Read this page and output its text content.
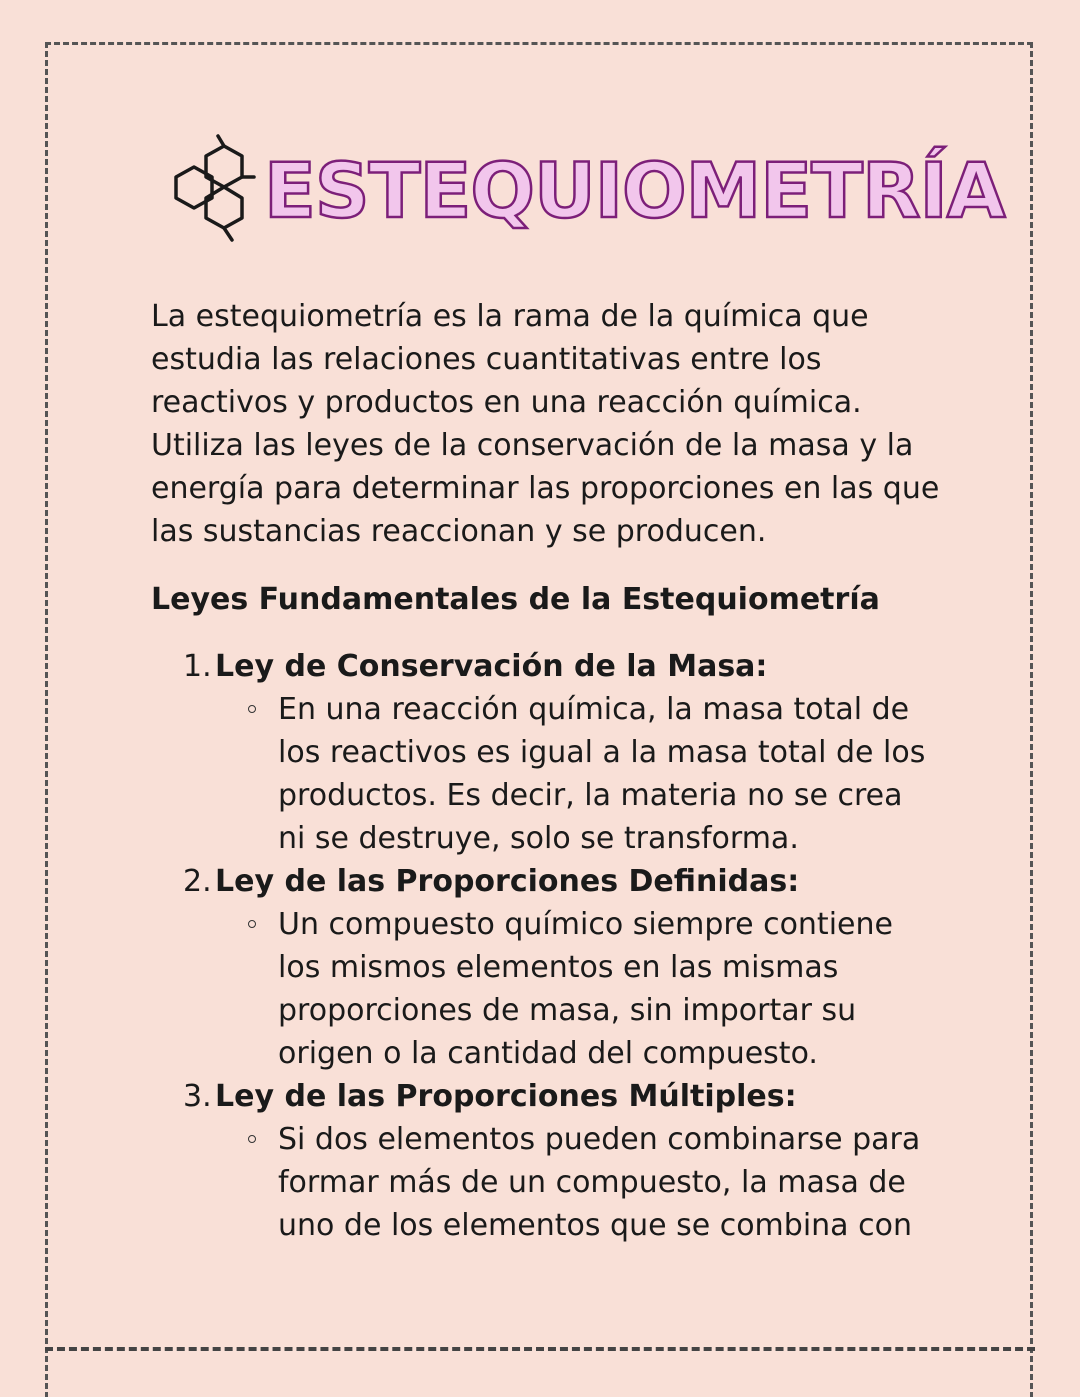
ESTEQUIOMETRÍA

La estequiometría es la rama de la química que estudia las relaciones cuantitativas entre los reactivos y productos en una reacción química. Utiliza las leyes de la conservación de la masa y la energía para determinar las proporciones en las que las sustancias reaccionan y se producen.

Leyes Fundamentales de la Estequiometría
1. Ley de Conservación de la Masa:
En una reacción química, la masa total de los reactivos es igual a la masa total de los productos. Es decir, la materia no se crea ni se destruye, solo se transforma.
2. Ley de las Proporciones Definidas:
Un compuesto químico siempre contiene los mismos elementos en las mismas proporciones de masa, sin importar su origen o la cantidad del compuesto.
3. Ley de las Proporciones Múltiples:
Si dos elementos pueden combinarse para formar más de un compuesto, la masa de uno de los elementos que se combina con
